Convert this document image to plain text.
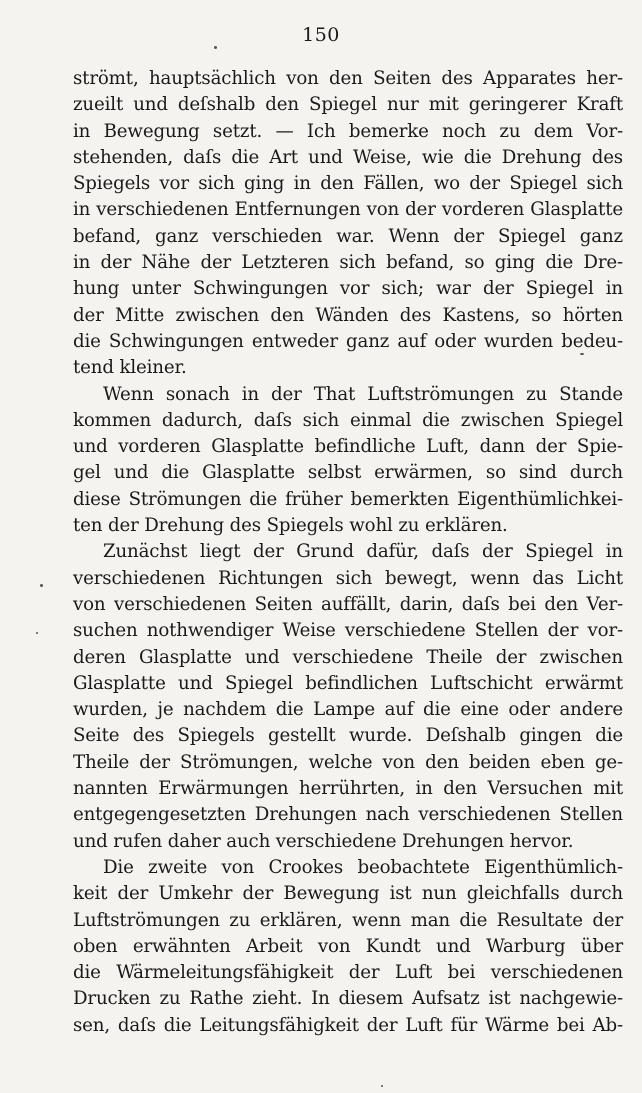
150
strömt, hauptsächlich von den Seiten des Apparates her-
zueilt und deſshalb den Spiegel nur mit geringerer Kraft
in Bewegung setzt. — Ich bemerke noch zu dem Vor-
stehenden, daſs die Art und Weise, wie die Drehung des
Spiegels vor sich ging in den Fällen, wo der Spiegel sich
in verschiedenen Entfernungen von der vorderen Glasplatte
befand, ganz verschieden war. Wenn der Spiegel ganz
in der Nähe der Letzteren sich befand, so ging die Dre-
hung unter Schwingungen vor sich; war der Spiegel in
der Mitte zwischen den Wänden des Kastens, so hörten
die Schwingungen entweder ganz auf oder wurden bedeu-
tend kleiner.
Wenn sonach in der That Luftströmungen zu Stande
kommen dadurch, daſs sich einmal die zwischen Spiegel
und vorderen Glasplatte befindliche Luft, dann der Spie-
gel und die Glasplatte selbst erwärmen, so sind durch
diese Strömungen die früher bemerkten Eigenthümlichkei-
ten der Drehung des Spiegels wohl zu erklären.
Zunächst liegt der Grund dafür, daſs der Spiegel in
verschiedenen Richtungen sich bewegt, wenn das Licht
von verschiedenen Seiten auffällt, darin, daſs bei den Ver-
suchen nothwendiger Weise verschiedene Stellen der vor-
deren Glasplatte und verschiedene Theile der zwischen
Glasplatte und Spiegel befindlichen Luftschicht erwärmt
wurden, je nachdem die Lampe auf die eine oder andere
Seite des Spiegels gestellt wurde. Deſshalb gingen die
Theile der Strömungen, welche von den beiden eben ge-
nannten Erwärmungen herrührten, in den Versuchen mit
entgegengesetzten Drehungen nach verschiedenen Stellen
und rufen daher auch verschiedene Drehungen hervor.
Die zweite von Crookes beobachtete Eigenthümlich-
keit der Umkehr der Bewegung ist nun gleichfalls durch
Luftströmungen zu erklären, wenn man die Resultate der
oben erwähnten Arbeit von Kundt und Warburg über
die Wärmeleitungsfähigkeit der Luft bei verschiedenen
Drucken zu Rathe zieht. In diesem Aufsatz ist nachgewie-
sen, daſs die Leitungsfähigkeit der Luft für Wärme bei Ab-
